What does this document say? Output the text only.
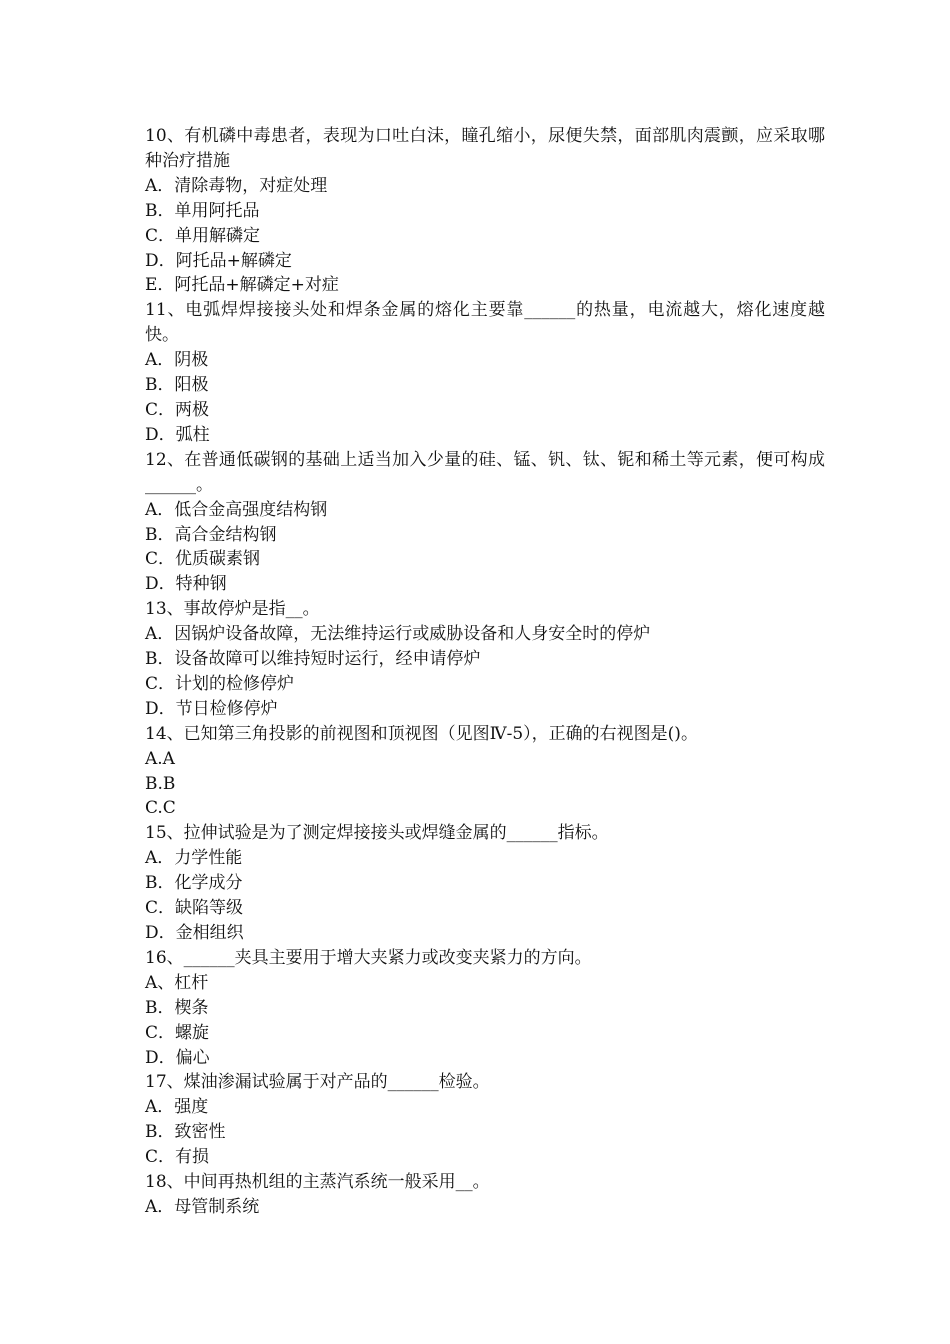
10、有机磷中毒患者，表现为口吐白沫，瞳孔缩小，尿便失禁，面部肌肉震颤，应采取哪种治疗措施
A．清除毒物，对症处理
B．单用阿托品
C．单用解磷定
D．阿托品+解磷定
E．阿托品+解磷定+对症
11、电弧焊焊接接头处和焊条金属的熔化主要靠______的热量，电流越大，熔化速度越快。
A．阴极
B．阳极
C．两极
D．弧柱
12、在普通低碳钢的基础上适当加入少量的硅、锰、钒、钛、铌和稀土等元素，便可构成______。
A．低合金高强度结构钢
B．高合金结构钢
C．优质碳素钢
D．特种钢
13、事故停炉是指__。
A．因锅炉设备故障，无法维持运行或威胁设备和人身安全时的停炉
B．设备故障可以维持短时运行，经申请停炉
C．计划的检修停炉
D．节日检修停炉
14、已知第三角投影的前视图和顶视图（见图Ⅳ-5），正确的右视图是()。
A.A
B.B
C.C
15、拉伸试验是为了测定焊接接头或焊缝金属的______指标。
A．力学性能
B．化学成分
C．缺陷等级
D．金相组织
16、______夹具主要用于增大夹紧力或改变夹紧力的方向。
A、杠杆
B．楔条
C．螺旋
D．偏心
17、煤油渗漏试验属于对产品的______检验。
A．强度
B．致密性
C．有损
18、中间再热机组的主蒸汽系统一般采用__。
A．母管制系统
